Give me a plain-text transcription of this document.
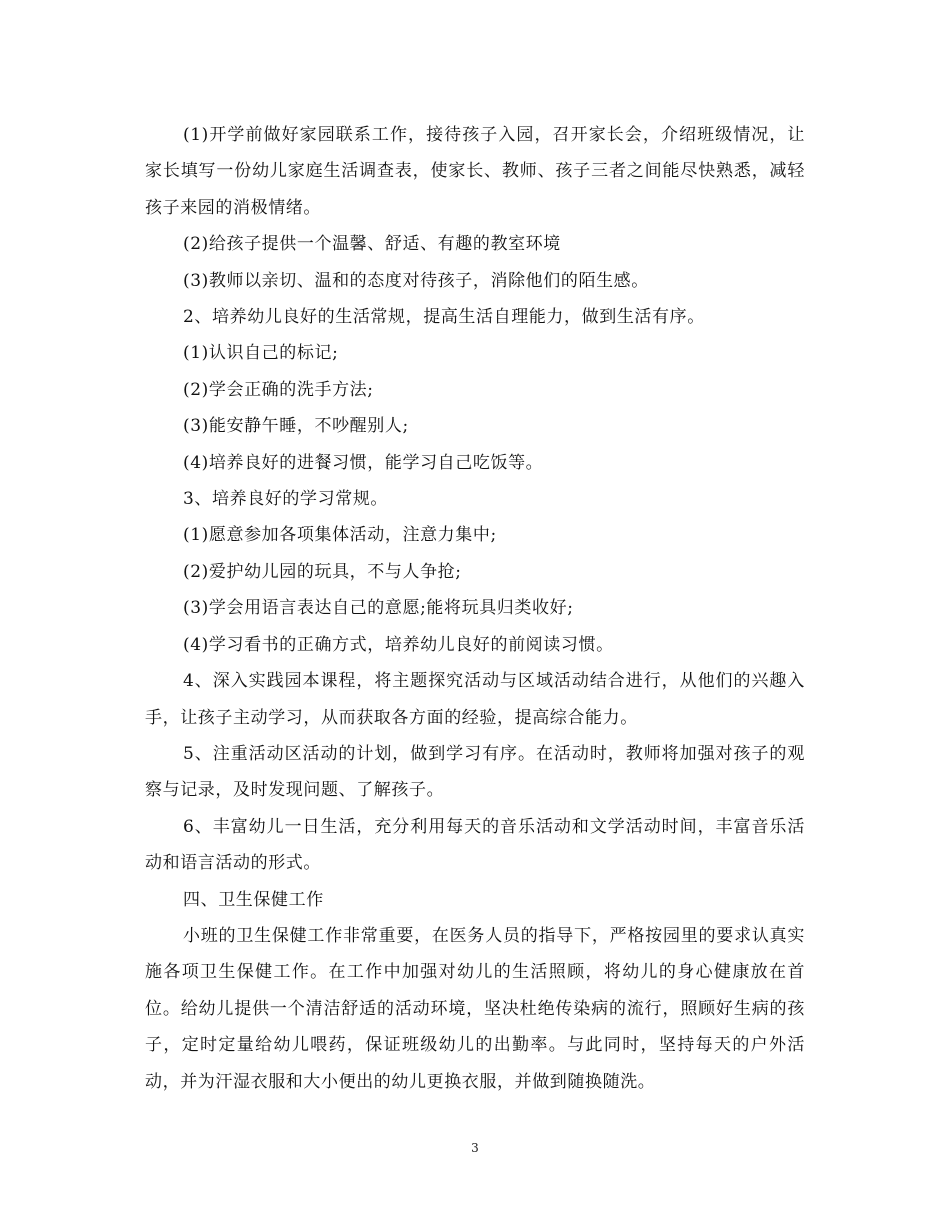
(1)开学前做好家园联系工作，接待孩子入园，召开家长会，介绍班级情况，让家长填写一份幼儿家庭生活调查表，使家长、教师、孩子三者之间能尽快熟悉，减轻孩子来园的消极情绪。

(2)给孩子提供一个温馨、舒适、有趣的教室环境

(3)教师以亲切、温和的态度对待孩子，消除他们的陌生感。

2、培养幼儿良好的生活常规，提高生活自理能力，做到生活有序。

(1)认识自己的标记;

(2)学会正确的洗手方法;

(3)能安静午睡，不吵醒别人;

(4)培养良好的进餐习惯，能学习自己吃饭等。

3、培养良好的学习常规。

(1)愿意参加各项集体活动，注意力集中;

(2)爱护幼儿园的玩具，不与人争抢;

(3)学会用语言表达自己的意愿;能将玩具归类收好;

(4)学习看书的正确方式，培养幼儿良好的前阅读习惯。

4、深入实践园本课程，将主题探究活动与区域活动结合进行，从他们的兴趣入手，让孩子主动学习，从而获取各方面的经验，提高综合能力。

5、注重活动区活动的计划，做到学习有序。在活动时，教师将加强对孩子的观察与记录，及时发现问题、了解孩子。

6、丰富幼儿一日生活，充分利用每天的音乐活动和文学活动时间，丰富音乐活动和语言活动的形式。

四、卫生保健工作

小班的卫生保健工作非常重要，在医务人员的指导下，严格按园里的要求认真实施各项卫生保健工作。在工作中加强对幼儿的生活照顾，将幼儿的身心健康放在首位。给幼儿提供一个清洁舒适的活动环境，坚决杜绝传染病的流行，照顾好生病的孩子，定时定量给幼儿喂药，保证班级幼儿的出勤率。与此同时，坚持每天的户外活动，并为汗湿衣服和大小便出的幼儿更换衣服，并做到随换随洗。

3
